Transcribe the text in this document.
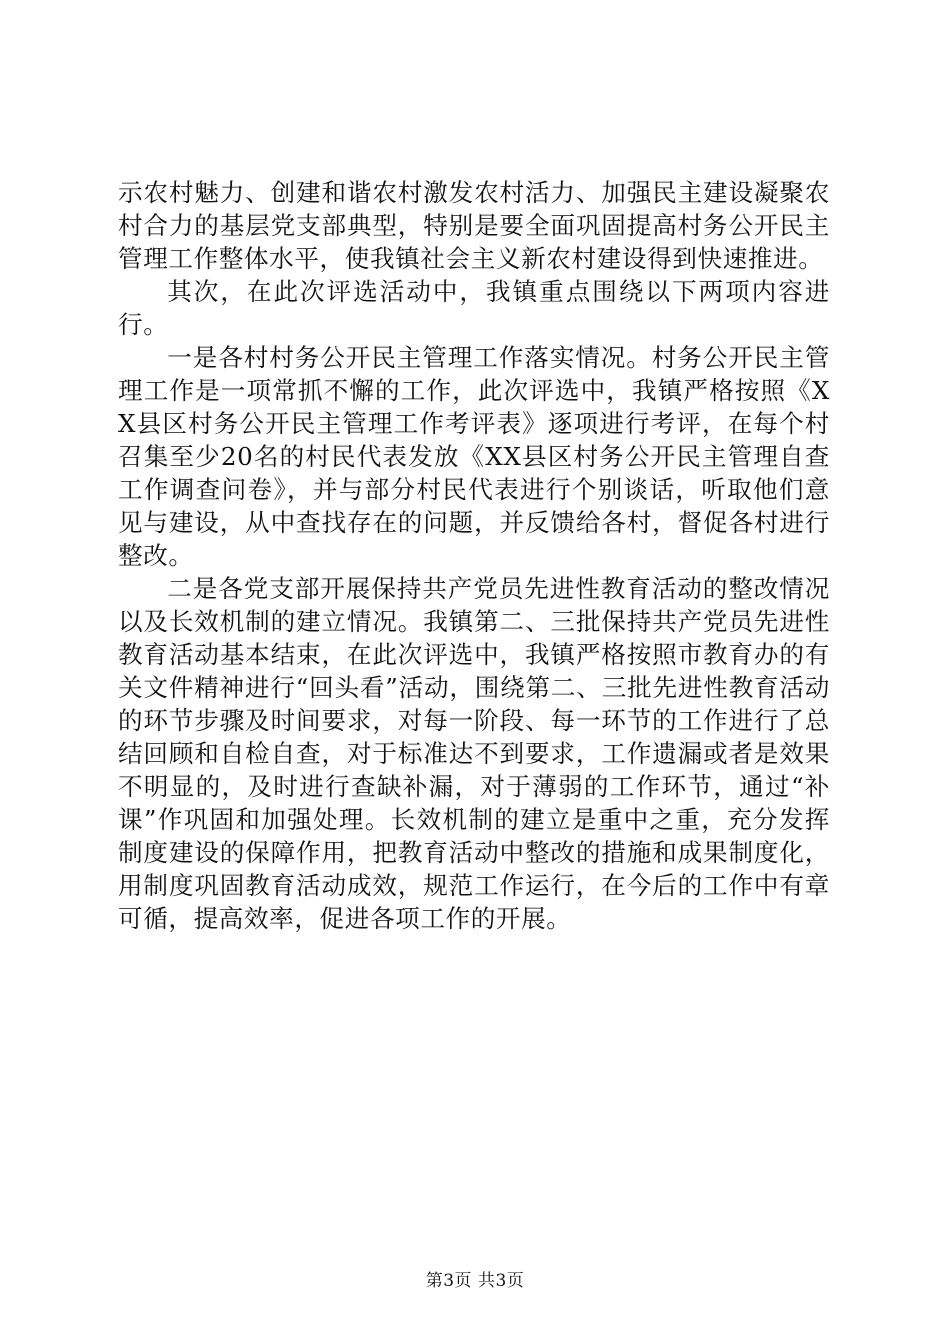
示农村魅力、创建和谐农村激发农村活力、加强民主建设凝聚农村合力的基层党支部典型，特别是要全面巩固提高村务公开民主管理工作整体水平，使我镇社会主义新农村建设得到快速推进。

其次，在此次评选活动中，我镇重点围绕以下两项内容进行。

一是各村村务公开民主管理工作落实情况。村务公开民主管理工作是一项常抓不懈的工作，此次评选中，我镇严格按照《XX县区村务公开民主管理工作考评表》逐项进行考评，在每个村召集至少20名的村民代表发放《XX县区村务公开民主管理自查工作调查问卷》，并与部分村民代表进行个别谈话，听取他们意见与建设，从中查找存在的问题，并反馈给各村，督促各村进行整改。

二是各党支部开展保持共产党员先进性教育活动的整改情况以及长效机制的建立情况。我镇第二、三批保持共产党员先进性教育活动基本结束，在此次评选中，我镇严格按照市教育办的有关文件精神进行“回头看”活动，围绕第二、三批先进性教育活动的环节步骤及时间要求，对每一阶段、每一环节的工作进行了总结回顾和自检自查，对于标准达不到要求，工作遗漏或者是效果不明显的，及时进行查缺补漏，对于薄弱的工作环节，通过“补课”作巩固和加强处理。长效机制的建立是重中之重，充分发挥制度建设的保障作用，把教育活动中整改的措施和成果制度化，用制度巩固教育活动成效，规范工作运行，在今后的工作中有章可循，提高效率，促进各项工作的开展。

第3页 共3页
